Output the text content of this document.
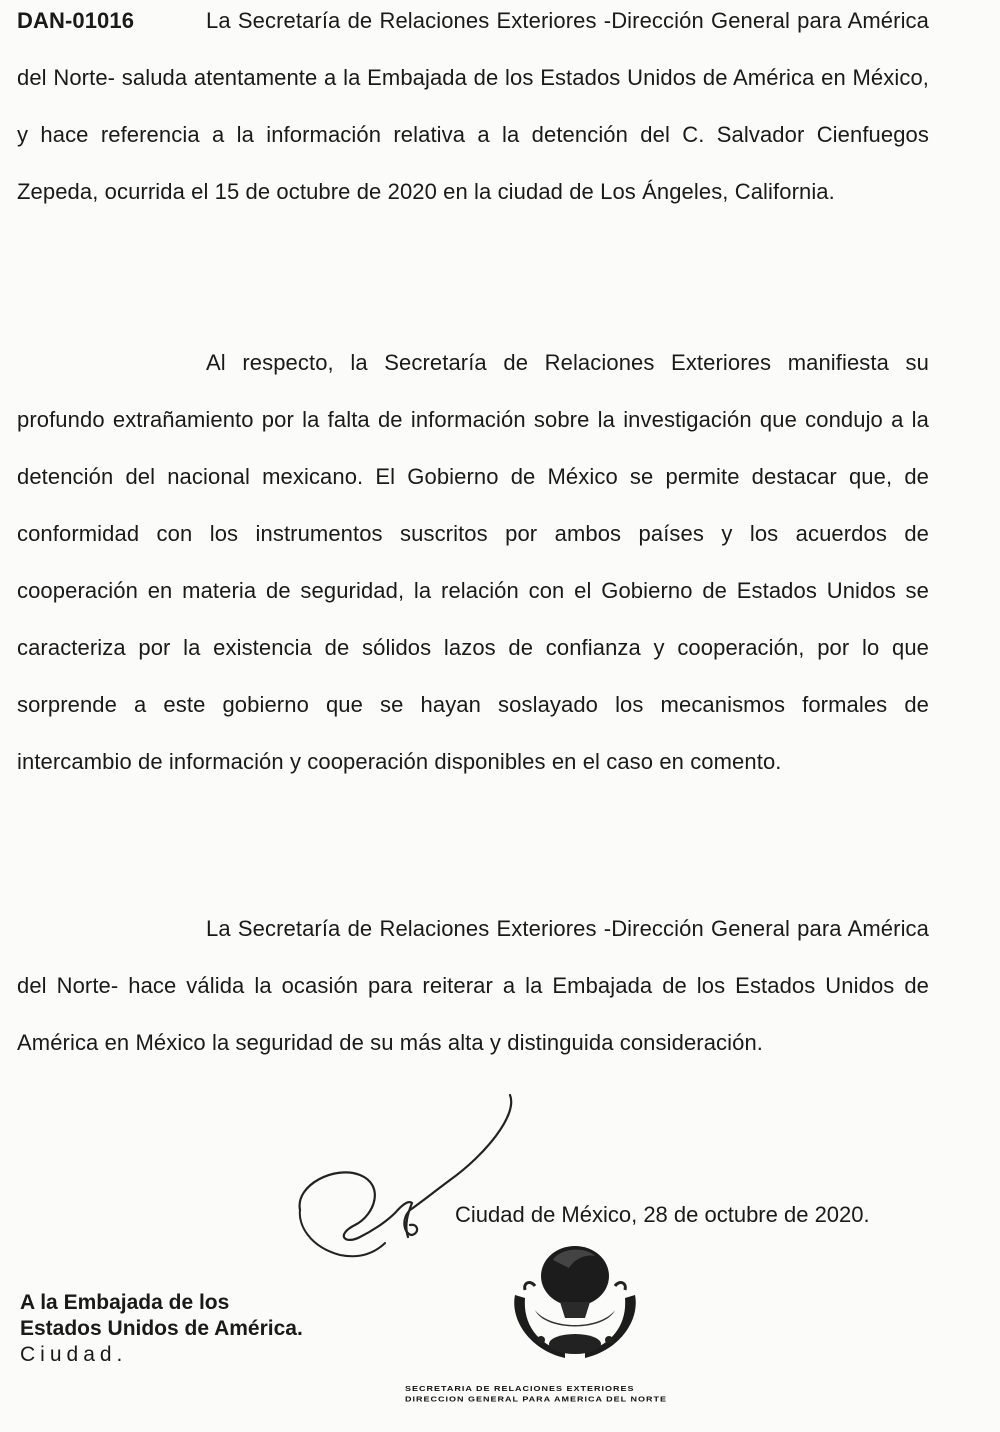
DAN-01016	La Secretaría de Relaciones Exteriores -Dirección General para América del Norte- saluda atentamente a la Embajada de los Estados Unidos de América en México, y hace referencia a la información relativa a la detención del C. Salvador Cienfuegos Zepeda, ocurrida el 15 de octubre de 2020 en la ciudad de Los Ángeles, California.
Al respecto, la Secretaría de Relaciones Exteriores manifiesta su profundo extrañamiento por la falta de información sobre la investigación que condujo a la detención del nacional mexicano. El Gobierno de México se permite destacar que, de conformidad con los instrumentos suscritos por ambos países y los acuerdos de cooperación en materia de seguridad, la relación con el Gobierno de Estados Unidos se caracteriza por la existencia de sólidos lazos de confianza y cooperación, por lo que sorprende a este gobierno que se hayan soslayado los mecanismos formales de intercambio de información y cooperación disponibles en el caso en comento.
La Secretaría de Relaciones Exteriores -Dirección General para América del Norte- hace válida la ocasión para reiterar a la Embajada de los Estados Unidos de América en México la seguridad de su más alta y distinguida consideración.
Ciudad de México, 28 de octubre de 2020.
A la Embajada de los
Estados Unidos de América.
Ciudad.
SECRETARIA DE RELACIONES EXTERIORES
DIRECCION GENERAL PARA AMERICA DEL NORTE
